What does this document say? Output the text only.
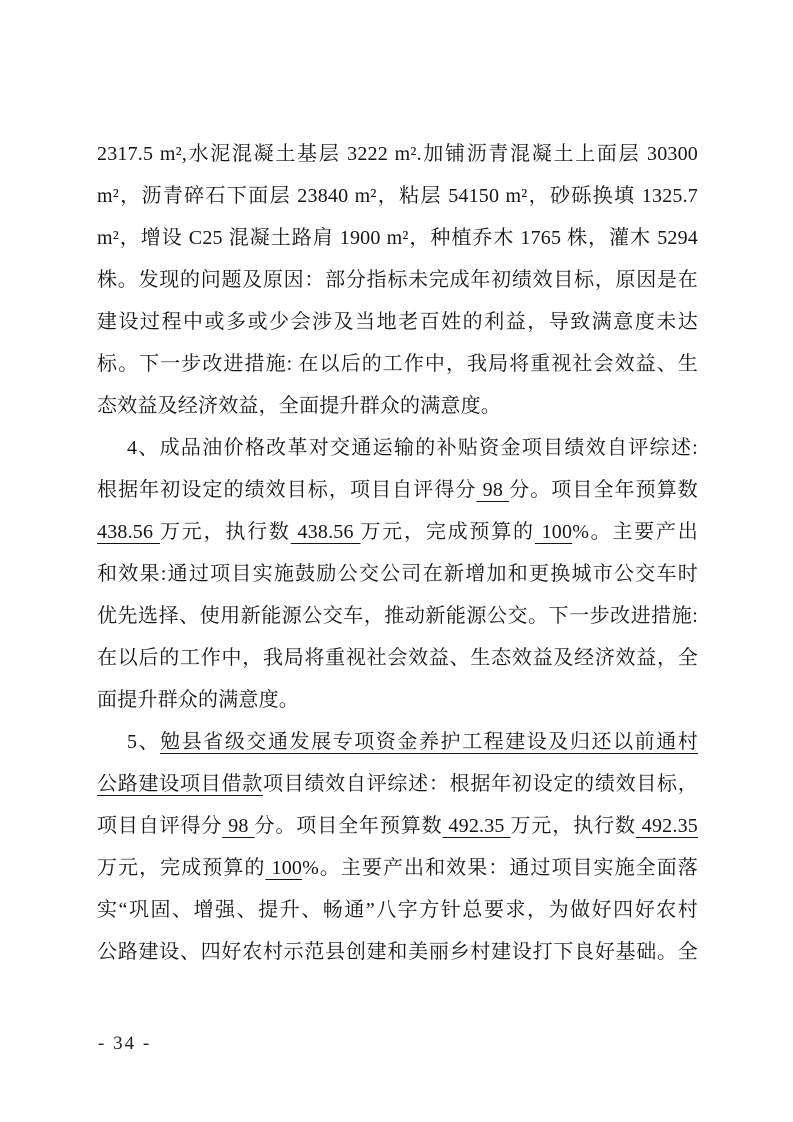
2317.5 m²,水泥混凝土基层 3222 m².加铺沥青混凝土上面层 30300
m²，沥青碎石下面层 23840 m²，粘层 54150 m²，砂砾换填 1325.7
m²，增设 C25 混凝土路肩 1900 m²，种植乔木 1765 株，灌木 5294
株。发现的问题及原因：部分指标未完成年初绩效目标，原因是在
建设过程中或多或少会涉及当地老百姓的利益，导致满意度未达
标。下一步改进措施: 在以后的工作中，我局将重视社会效益、生
态效益及经济效益，全面提升群众的满意度。
4、成品油价格改革对交通运输的补贴资金项目绩效自评综述:
根据年初设定的绩效目标，项目自评得分 98 分。项目全年预算数
438.56 万元，执行数 438.56 万元，完成预算的 100%。主要产出
和效果:通过项目实施鼓励公交公司在新增加和更换城市公交车时
优先选择、使用新能源公交车，推动新能源公交。下一步改进措施:
在以后的工作中，我局将重视社会效益、生态效益及经济效益，全
面提升群众的满意度。
5、勉县省级交通发展专项资金养护工程建设及归还以前通村
公路建设项目借款项目绩效自评综述：根据年初设定的绩效目标，
项目自评得分 98 分。项目全年预算数 492.35 万元，执行数 492.35
万元，完成预算的 100%。主要产出和效果：通过项目实施全面落
实“巩固、增强、提升、畅通”八字方针总要求，为做好四好农村
公路建设、四好农村示范县创建和美丽乡村建设打下良好基础。全
- 34 -
